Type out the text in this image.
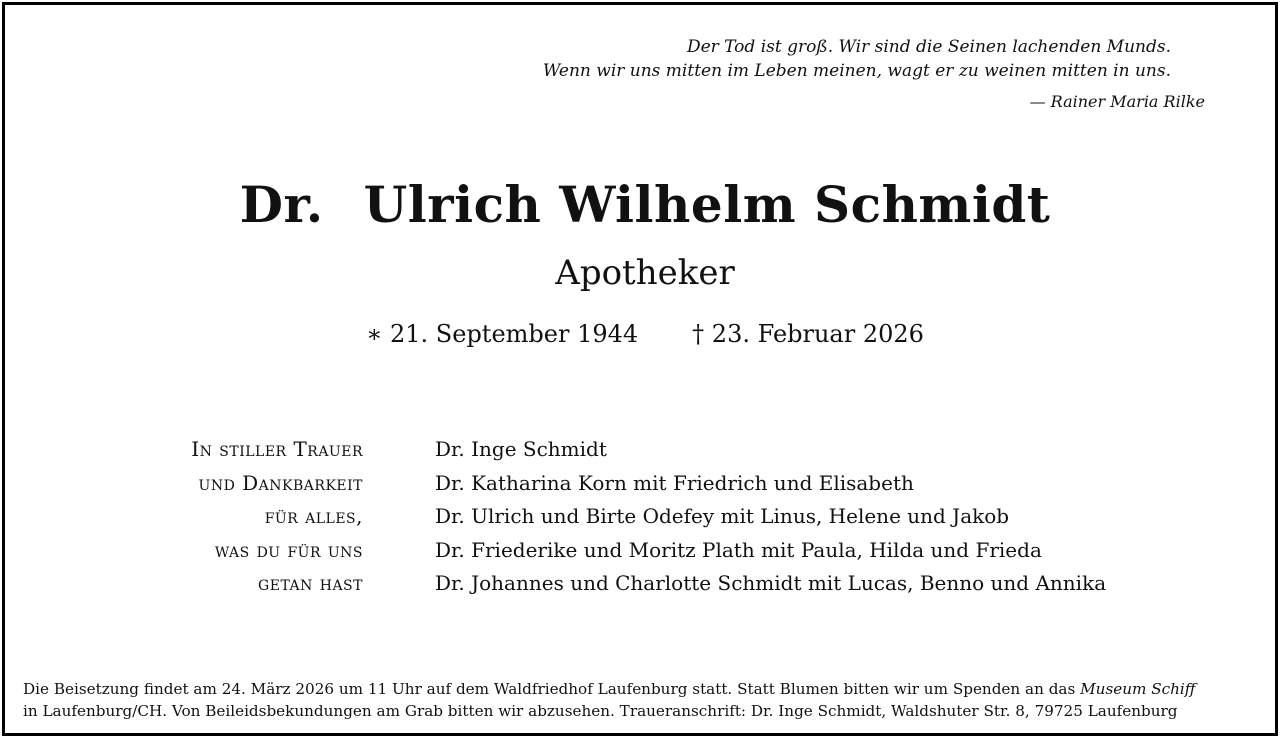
Der Tod ist groß. Wir sind die Seinen lachenden Munds.
Wenn wir uns mitten im Leben meinen, wagt er zu weinen mitten in uns.
— Rainer Maria Rilke
Dr. Ulrich Wilhelm Schmidt
Apotheker
∗ 21. September 1944 † 23. Februar 2026
In stiller Trauer
und Dankbarkeit
für alles,
was du für uns
getan hast
Dr. Inge Schmidt
Dr. Katharina Korn mit Friedrich und Elisabeth
Dr. Ulrich und Birte Odefey mit Linus, Helene und Jakob
Dr. Friederike und Moritz Plath mit Paula, Hilda und Frieda
Dr. Johannes und Charlotte Schmidt mit Lucas, Benno und Annika
Die Beisetzung findet am 24. März 2026 um 11 Uhr auf dem Waldfriedhof Laufenburg statt. Statt Blumen bitten wir um Spenden an das Museum Schiff
in Laufenburg/CH. Von Beileidsbekundungen am Grab bitten wir abzusehen. Traueranschrift: Dr. Inge Schmidt, Waldshuter Str. 8, 79725 Laufenburg
